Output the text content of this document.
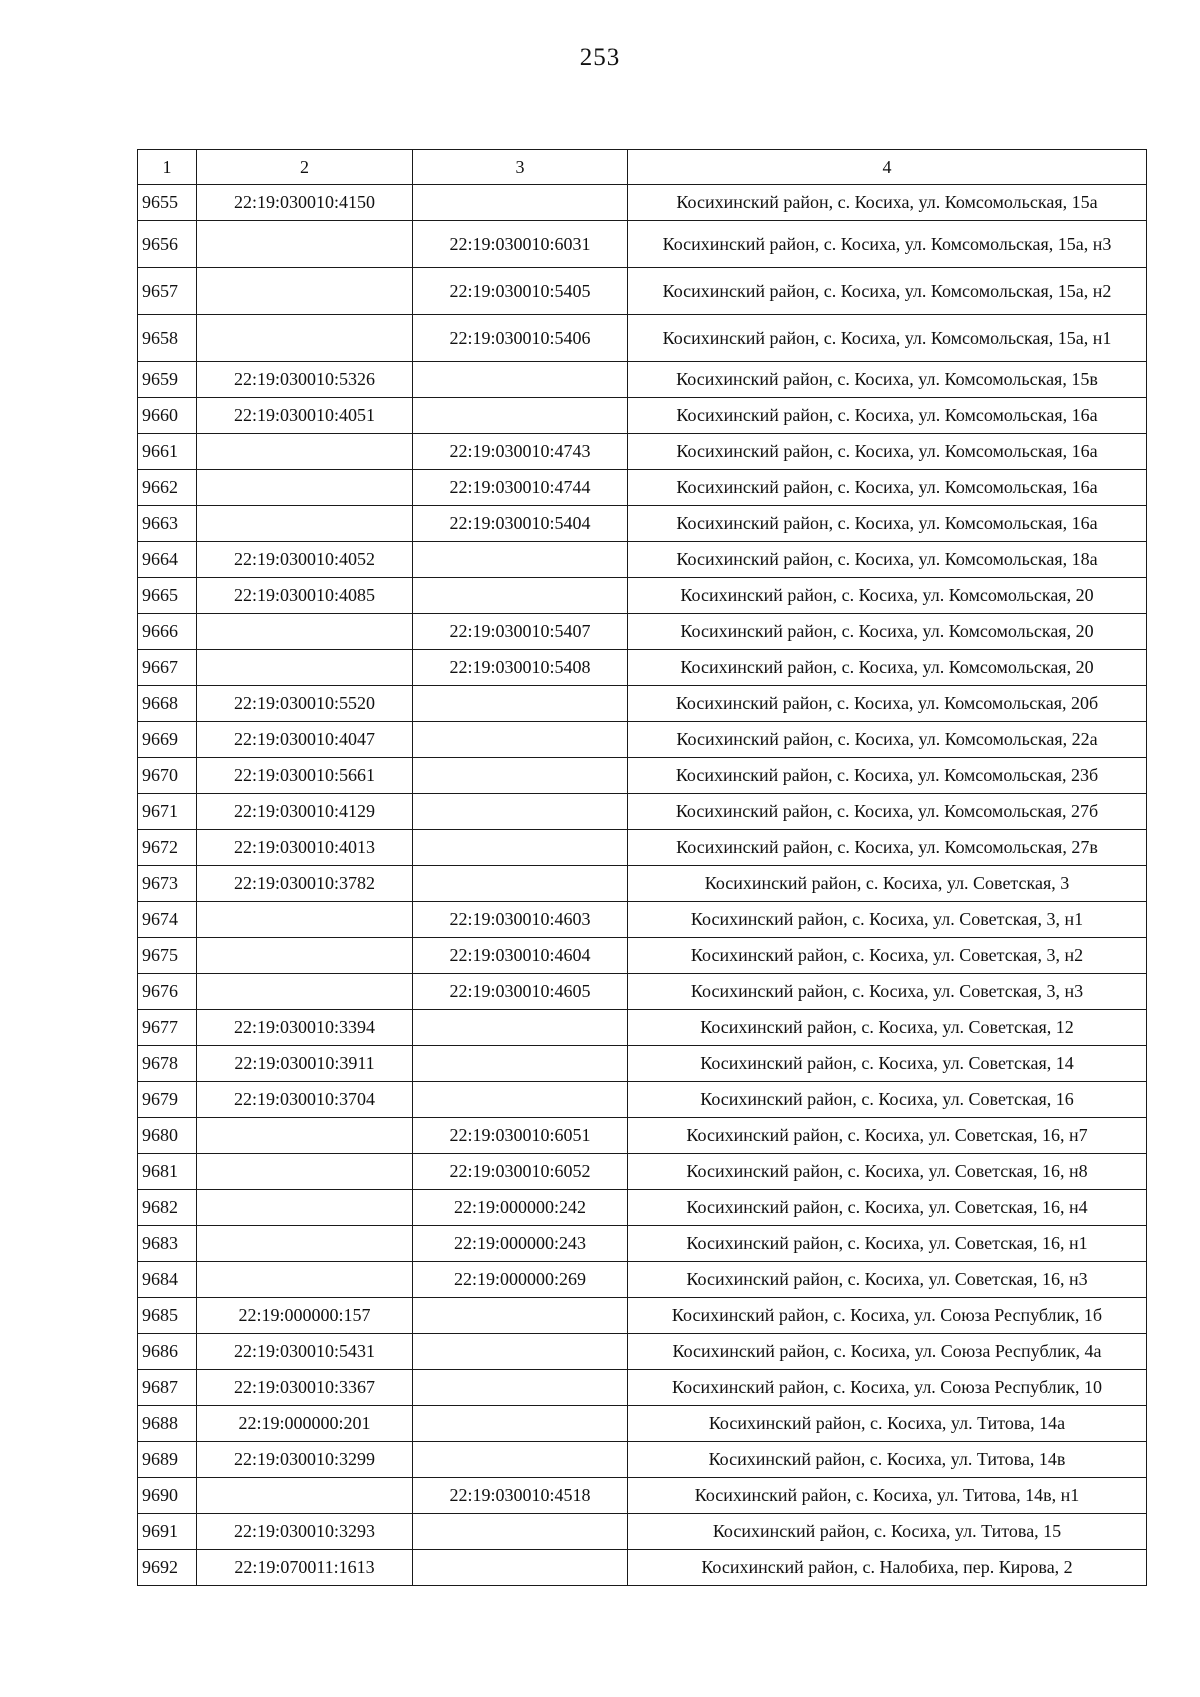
253
1	2	3	4
9655	22:19:030010:4150		Косихинский район, с. Косиха, ул. Комсомольская, 15а
9656		22:19:030010:6031	Косихинский район, с. Косиха, ул. Комсомольская, 15а, н3
9657		22:19:030010:5405	Косихинский район, с. Косиха, ул. Комсомольская, 15а, н2
9658		22:19:030010:5406	Косихинский район, с. Косиха, ул. Комсомольская, 15а, н1
9659	22:19:030010:5326		Косихинский район, с. Косиха, ул. Комсомольская, 15в
9660	22:19:030010:4051		Косихинский район, с. Косиха, ул. Комсомольская, 16а
9661		22:19:030010:4743	Косихинский район, с. Косиха, ул. Комсомольская, 16а
9662		22:19:030010:4744	Косихинский район, с. Косиха, ул. Комсомольская, 16а
9663		22:19:030010:5404	Косихинский район, с. Косиха, ул. Комсомольская, 16а
9664	22:19:030010:4052		Косихинский район, с. Косиха, ул. Комсомольская, 18а
9665	22:19:030010:4085		Косихинский район, с. Косиха, ул. Комсомольская, 20
9666		22:19:030010:5407	Косихинский район, с. Косиха, ул. Комсомольская, 20
9667		22:19:030010:5408	Косихинский район, с. Косиха, ул. Комсомольская, 20
9668	22:19:030010:5520		Косихинский район, с. Косиха, ул. Комсомольская, 20б
9669	22:19:030010:4047		Косихинский район, с. Косиха, ул. Комсомольская, 22а
9670	22:19:030010:5661		Косихинский район, с. Косиха, ул. Комсомольская, 23б
9671	22:19:030010:4129		Косихинский район, с. Косиха, ул. Комсомольская, 27б
9672	22:19:030010:4013		Косихинский район, с. Косиха, ул. Комсомольская, 27в
9673	22:19:030010:3782		Косихинский район, с. Косиха, ул. Советская, 3
9674		22:19:030010:4603	Косихинский район, с. Косиха, ул. Советская, 3, н1
9675		22:19:030010:4604	Косихинский район, с. Косиха, ул. Советская, 3, н2
9676		22:19:030010:4605	Косихинский район, с. Косиха, ул. Советская, 3, н3
9677	22:19:030010:3394		Косихинский район, с. Косиха, ул. Советская, 12
9678	22:19:030010:3911		Косихинский район, с. Косиха, ул. Советская, 14
9679	22:19:030010:3704		Косихинский район, с. Косиха, ул. Советская, 16
9680		22:19:030010:6051	Косихинский район, с. Косиха, ул. Советская, 16, н7
9681		22:19:030010:6052	Косихинский район, с. Косиха, ул. Советская, 16, н8
9682		22:19:000000:242	Косихинский район, с. Косиха, ул. Советская, 16, н4
9683		22:19:000000:243	Косихинский район, с. Косиха, ул. Советская, 16, н1
9684		22:19:000000:269	Косихинский район, с. Косиха, ул. Советская, 16, н3
9685	22:19:000000:157		Косихинский район, с. Косиха, ул. Союза Республик, 1б
9686	22:19:030010:5431		Косихинский район, с. Косиха, ул. Союза Республик, 4а
9687	22:19:030010:3367		Косихинский район, с. Косиха, ул. Союза Республик, 10
9688	22:19:000000:201		Косихинский район, с. Косиха, ул. Титова, 14а
9689	22:19:030010:3299		Косихинский район, с. Косиха, ул. Титова, 14в
9690		22:19:030010:4518	Косихинский район, с. Косиха, ул. Титова, 14в, н1
9691	22:19:030010:3293		Косихинский район, с. Косиха, ул. Титова, 15
9692	22:19:070011:1613		Косихинский район, с. Налобиха, пер. Кирова, 2
